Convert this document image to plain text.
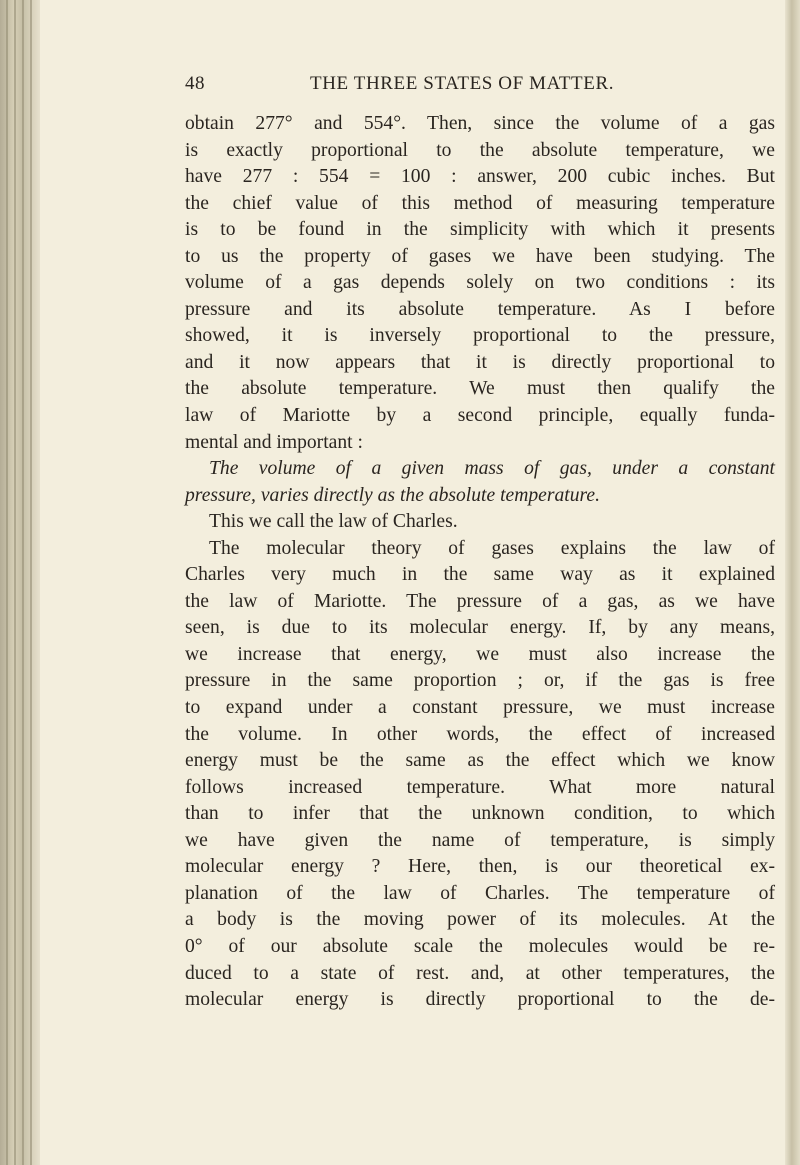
48	THE THREE STATES OF MATTER.
obtain 277° and 554°. Then, since the volume of a gas
is exactly proportional to the absolute temperature, we
have 277 : 554 = 100 : answer, 200 cubic inches. But
the chief value of this method of measuring temperature
is to be found in the simplicity with which it presents
to us the property of gases we have been studying. The
volume of a gas depends solely on two conditions : its
pressure and its absolute temperature. As I before
showed, it is inversely proportional to the pressure,
and it now appears that it is directly proportional to
the absolute temperature. We must then qualify the
law of Mariotte by a second principle, equally funda-
mental and important :
The volume of a given mass of gas, under a constant
pressure, varies directly as the absolute temperature.
This we call the law of Charles.
The molecular theory of gases explains the law of
Charles very much in the same way as it explained
the law of Mariotte. The pressure of a gas, as we have
seen, is due to its molecular energy. If, by any means,
we increase that energy, we must also increase the
pressure in the same proportion ; or, if the gas is free
to expand under a constant pressure, we must increase
the volume. In other words, the effect of increased
energy must be the same as the effect which we know
follows increased temperature. What more natural
than to infer that the unknown condition, to which
we have given the name of temperature, is simply
molecular energy ? Here, then, is our theoretical ex-
planation of the law of Charles. The temperature of
a body is the moving power of its molecules. At the
0° of our absolute scale the molecules would be re-
duced to a state of rest. and, at other temperatures, the
molecular energy is directly proportional to the de-
